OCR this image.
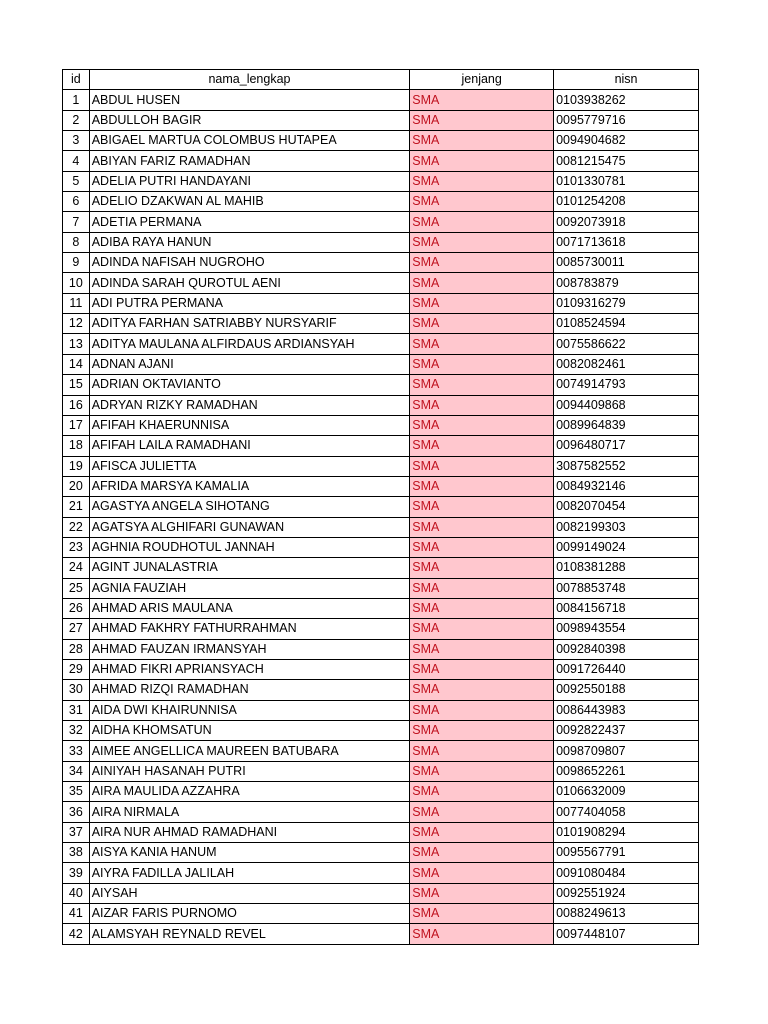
id	nama_lengkap	jenjang	nisn
1	ABDUL HUSEN	SMA	0103938262
2	ABDULLOH BAGIR	SMA	0095779716
3	ABIGAEL MARTUA COLOMBUS HUTAPEA	SMA	0094904682
4	ABIYAN FARIZ RAMADHAN	SMA	0081215475
5	ADELIA PUTRI HANDAYANI	SMA	0101330781
6	ADELIO DZAKWAN AL MAHIB	SMA	0101254208
7	ADETIA PERMANA	SMA	0092073918
8	ADIBA RAYA HANUN	SMA	0071713618
9	ADINDA NAFISAH NUGROHO	SMA	0085730011
10	ADINDA SARAH QUROTUL AENI	SMA	008783879
11	ADI PUTRA PERMANA	SMA	0109316279
12	ADITYA FARHAN SATRIABBY NURSYARIF	SMA	0108524594
13	ADITYA MAULANA ALFIRDAUS ARDIANSYAH	SMA	0075586622
14	ADNAN AJANI	SMA	0082082461
15	ADRIAN OKTAVIANTO	SMA	0074914793
16	ADRYAN RIZKY RAMADHAN	SMA	0094409868
17	AFIFAH KHAERUNNISA	SMA	0089964839
18	AFIFAH LAILA RAMADHANI	SMA	0096480717
19	AFISCA JULIETTA	SMA	3087582552
20	AFRIDA MARSYA KAMALIA	SMA	0084932146
21	AGASTYA ANGELA SIHOTANG	SMA	0082070454
22	AGATSYA ALGHIFARI GUNAWAN	SMA	0082199303
23	AGHNIA ROUDHOTUL JANNAH	SMA	0099149024
24	AGINT JUNALASTRIA	SMA	0108381288
25	AGNIA FAUZIAH	SMA	0078853748
26	AHMAD ARIS MAULANA	SMA	0084156718
27	AHMAD FAKHRY FATHURRAHMAN	SMA	0098943554
28	AHMAD FAUZAN IRMANSYAH	SMA	0092840398
29	AHMAD FIKRI APRIANSYACH	SMA	0091726440
30	AHMAD RIZQI RAMADHAN	SMA	0092550188
31	AIDA DWI KHAIRUNNISA	SMA	0086443983
32	AIDHA KHOMSATUN	SMA	0092822437
33	AIMEE ANGELLICA MAUREEN BATUBARA	SMA	0098709807
34	AINIYAH HASANAH PUTRI	SMA	0098652261
35	AIRA MAULIDA AZZAHRA	SMA	0106632009
36	AIRA NIRMALA	SMA	0077404058
37	AIRA NUR AHMAD RAMADHANI	SMA	0101908294
38	AISYA KANIA HANUM	SMA	0095567791
39	AIYRA FADILLA JALILAH	SMA	0091080484
40	AIYSAH	SMA	0092551924
41	AIZAR FARIS PURNOMO	SMA	0088249613
42	ALAMSYAH REYNALD REVEL	SMA	0097448107
